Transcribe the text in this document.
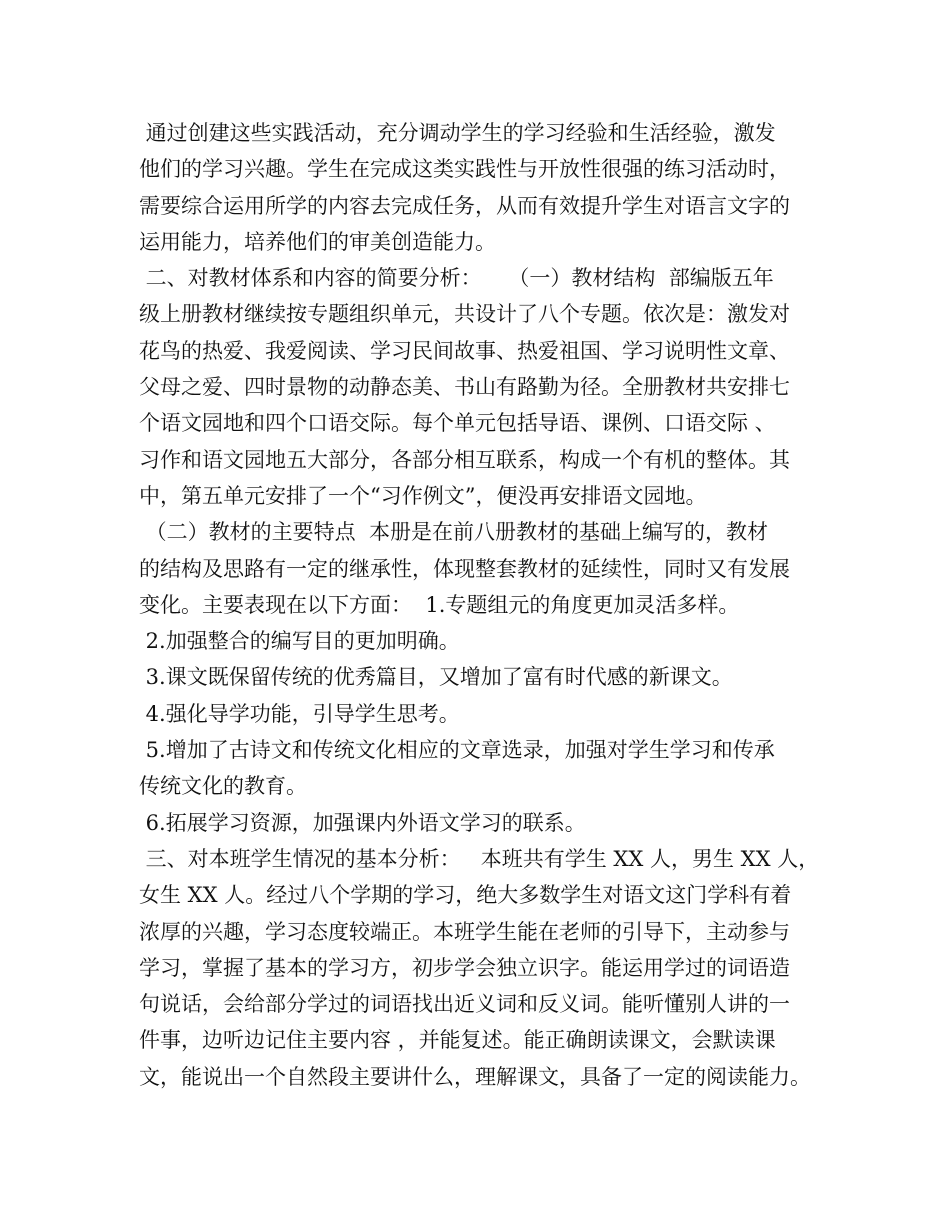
通过创建这些实践活动，充分调动学生的学习经验和生活经验，激发
他们的学习兴趣。学生在完成这类实践性与开放性很强的练习活动时，
需要综合运用所学的内容去完成任务，从而有效提升学生对语言文字的
运用能力，培养他们的审美创造能力。
二、对教材体系和内容的简要分析：    （一）教材结构  部编版五年
级上册教材继续按专题组织单元，共设计了八个专题。依次是：激发对
花鸟的热爱、我爱阅读、学习民间故事、热爱祖国、学习说明性文章、
父母之爱、四时景物的动静态美、书山有路勤为径。全册教材共安排七
个语文园地和四个口语交际。每个单元包括导语、课例、口语交际 、
习作和语文园地五大部分，各部分相互联系，构成一个有机的整体。其
中，第五单元安排了一个“习作例文”，便没再安排语文园地。
（二）教材的主要特点  本册是在前八册教材的基础上编写的，教材
的结构及思路有一定的继承性，体现整套教材的延续性，同时又有发展
变化。主要表现在以下方面：  1.专题组元的角度更加灵活多样。
2.加强整合的编写目的更加明确。
3.课文既保留传统的优秀篇目，又增加了富有时代感的新课文。
4.强化导学功能，引导学生思考。
5.增加了古诗文和传统文化相应的文章选录，加强对学生学习和传承
传统文化的教育。
6.拓展学习资源，加强课内外语文学习的联系。
三、对本班学生情况的基本分析：   本班共有学生 XX 人，男生 XX 人，
女生 XX 人。经过八个学期的学习，绝大多数学生对语文这门学科有着
浓厚的兴趣，学习态度较端正。本班学生能在老师的引导下，主动参与
学习，掌握了基本的学习方，初步学会独立识字。能运用学过的词语造
句说话，会给部分学过的词语找出近义词和反义词。能听懂别人讲的一
件事，边听边记住主要内容 ，并能复述。能正确朗读课文，会默读课
文，能说出一个自然段主要讲什么，理解课文，具备了一定的阅读能力。
